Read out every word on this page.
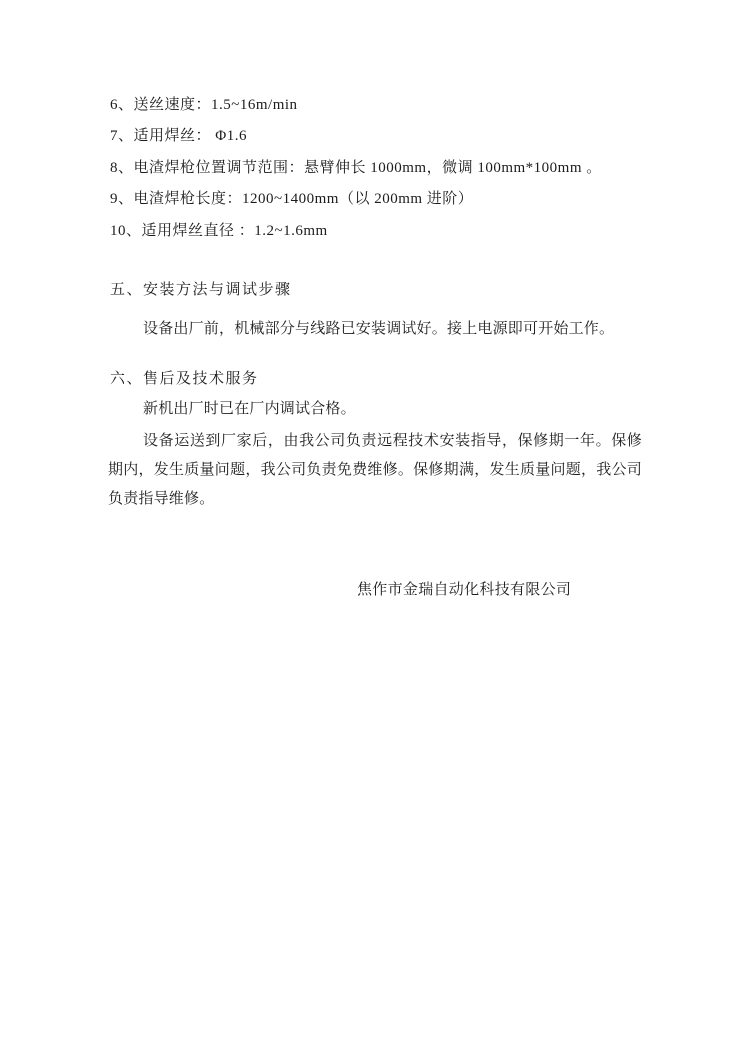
6、送丝速度：1.5~16m/min
7、适用焊丝： Φ1.6
8、电渣焊枪位置调节范围：悬臂伸长 1000mm，微调 100mm*100mm 。
9、电渣焊枪长度：1200~1400mm（以 200mm 进阶）
10、适用焊丝直径 ：1.2~1.6mm
五、安装方法与调试步骤
设备出厂前，机械部分与线路已安装调试好。接上电源即可开始工作。
六、售后及技术服务
新机出厂时已在厂内调试合格。
设备运送到厂家后，由我公司负责远程技术安装指导，保修期一年。保修期内，发生质量问题，我公司负责免费维修。保修期满，发生质量问题，我公司负责指导维修。
焦作市金瑞自动化科技有限公司
